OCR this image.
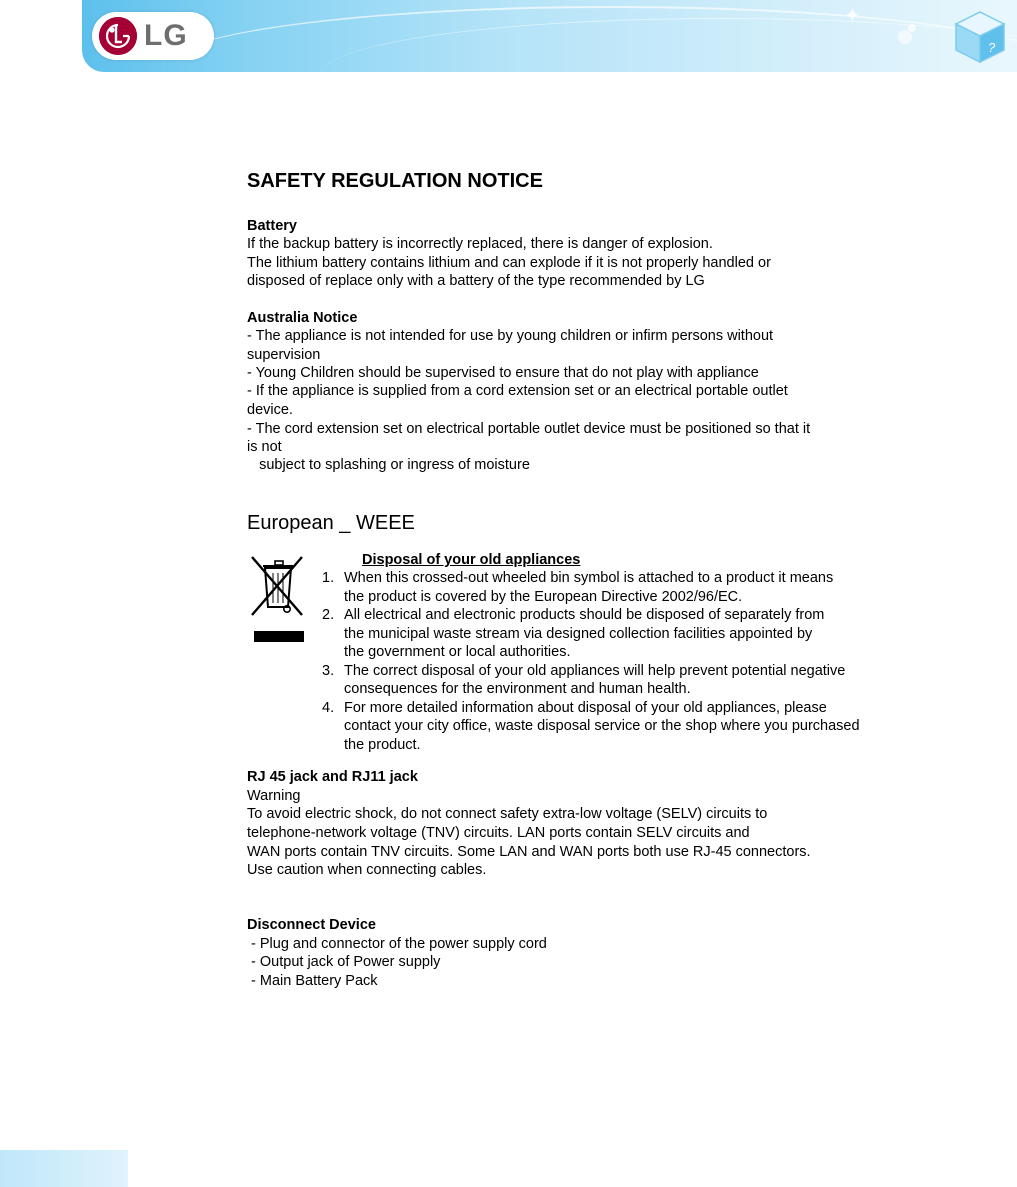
LG
✦
?
SAFETY REGULATION NOTICE
Battery
If the backup battery is incorrectly replaced, there is danger of explosion.
The lithium battery contains lithium and can explode if it is not properly handled or
disposed of replace only with a battery of the type recommended by LG
Australia Notice
- The appliance is not intended for use by young children or infirm persons without
supervision
- Young Children should be supervised to ensure that do not play with appliance
- If the appliance is supplied from a cord extension set or an electrical portable outlet
device.
- The cord extension set on electrical portable outlet device must be positioned so that it
is not
subject to splashing or ingress of moisture
European _ WEEE
RJ 45 jack and RJ11 jack
Warning
To avoid electric shock, do not connect safety extra-low voltage (SELV) circuits to
telephone-network voltage (TNV) circuits. LAN ports contain SELV circuits and
WAN ports contain TNV circuits. Some LAN and WAN ports both use RJ-45 connectors.
Use caution when connecting cables.
Disconnect Device
- Plug and connector of the power supply cord
- Output jack of Power supply
- Main Battery Pack
Disposal of your old appliances
1. When this crossed-out wheeled bin symbol is attached to a product it means
the product is covered by the European Directive 2002/96/EC.
2. All electrical and electronic products should be disposed of separately from
the municipal waste stream via designed collection facilities appointed by
the government or local authorities.
3. The correct disposal of your old appliances will help prevent potential negative
consequences for the environment and human health.
4. For more detailed information about disposal of your old appliances, please
contact your city office, waste disposal service or the shop where you purchased
the product.
